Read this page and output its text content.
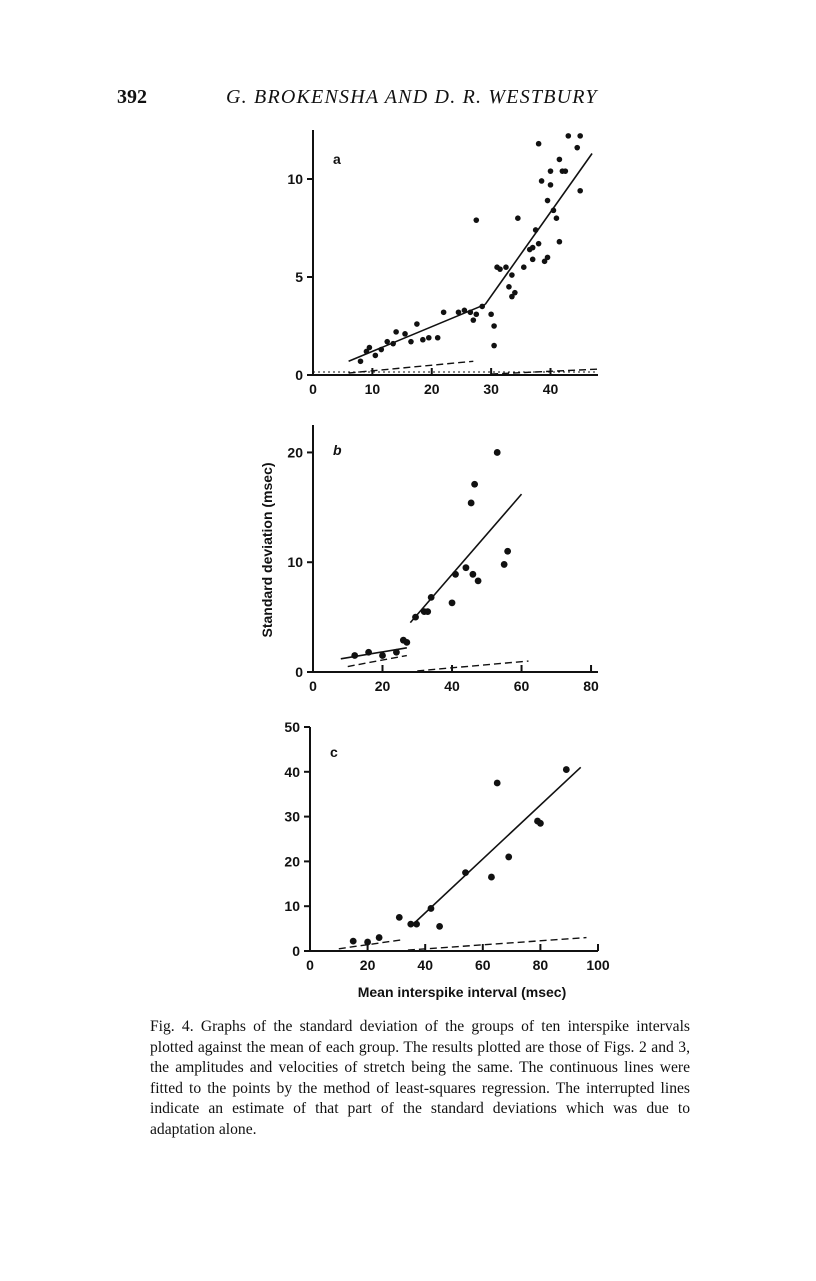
392	G. BROKENSHA AND D. R. WESTBURY
0
5
10
0	10	20	30	40
a
0
10
20
0	20	40	60	80
b
0
10
20
30
40
50
0	20	40	60	80	100
c
Standard deviation (msec)
Mean interspike interval (msec)
Fig. 4. Graphs of the standard deviation of the groups of ten interspike intervals plotted against the mean of each group. The results plotted are those of Figs. 2 and 3, the amplitudes and velocities of stretch being the same. The continuous lines were fitted to the points by the method of least-squares regression. The interrupted lines indicate an estimate of that part of the standard deviations which was due to adaptation alone.
